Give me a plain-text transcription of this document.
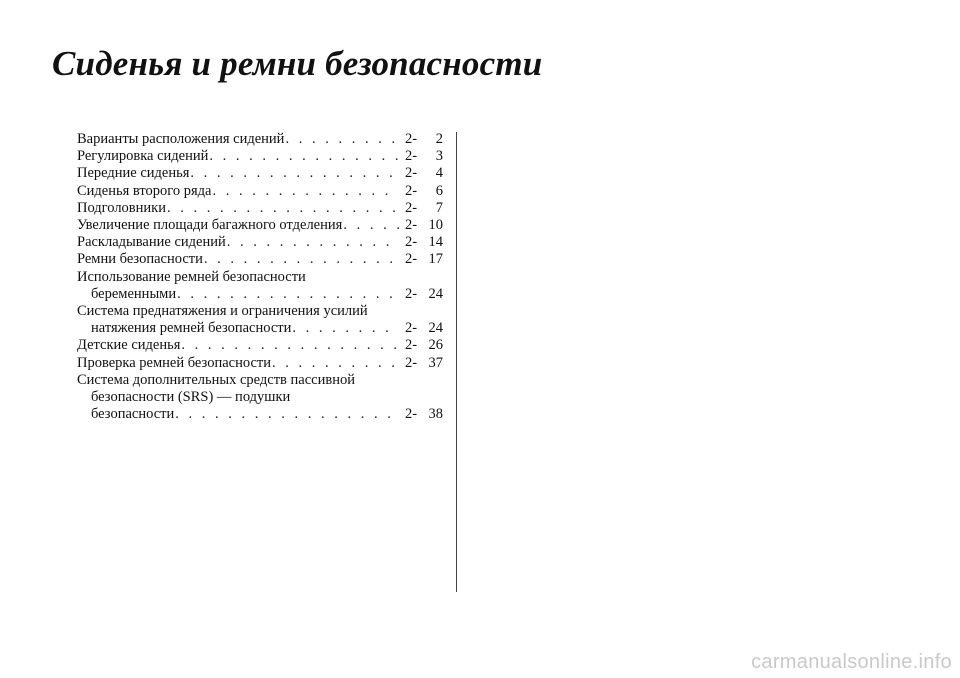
Сиденья и ремни безопасности
Варианты расположения сидений . . .	2-	2
Регулировка сидений . . .	2-	3
Передние сиденья . . .	2-	4
Сиденья второго ряда . . .	2-	6
Подголовники . . .	2-	7
Увеличение площади багажного отделения . . .	2- 10
Раскладывание сидений . . .	2- 14
Ремни безопасности . . .	2- 17
Использование ремней безопасности
беременными . . .	2- 24
Система преднатяжения и ограничения усилий
натяжения ремней безопасности . . .	2- 24
Детские сиденья . . .	2- 26
Проверка ремней безопасности . . .	2- 37
Система дополнительных средств пассивной
безопасности (SRS) — подушки
безопасности . . .	2- 38
carmanualsonline.info
